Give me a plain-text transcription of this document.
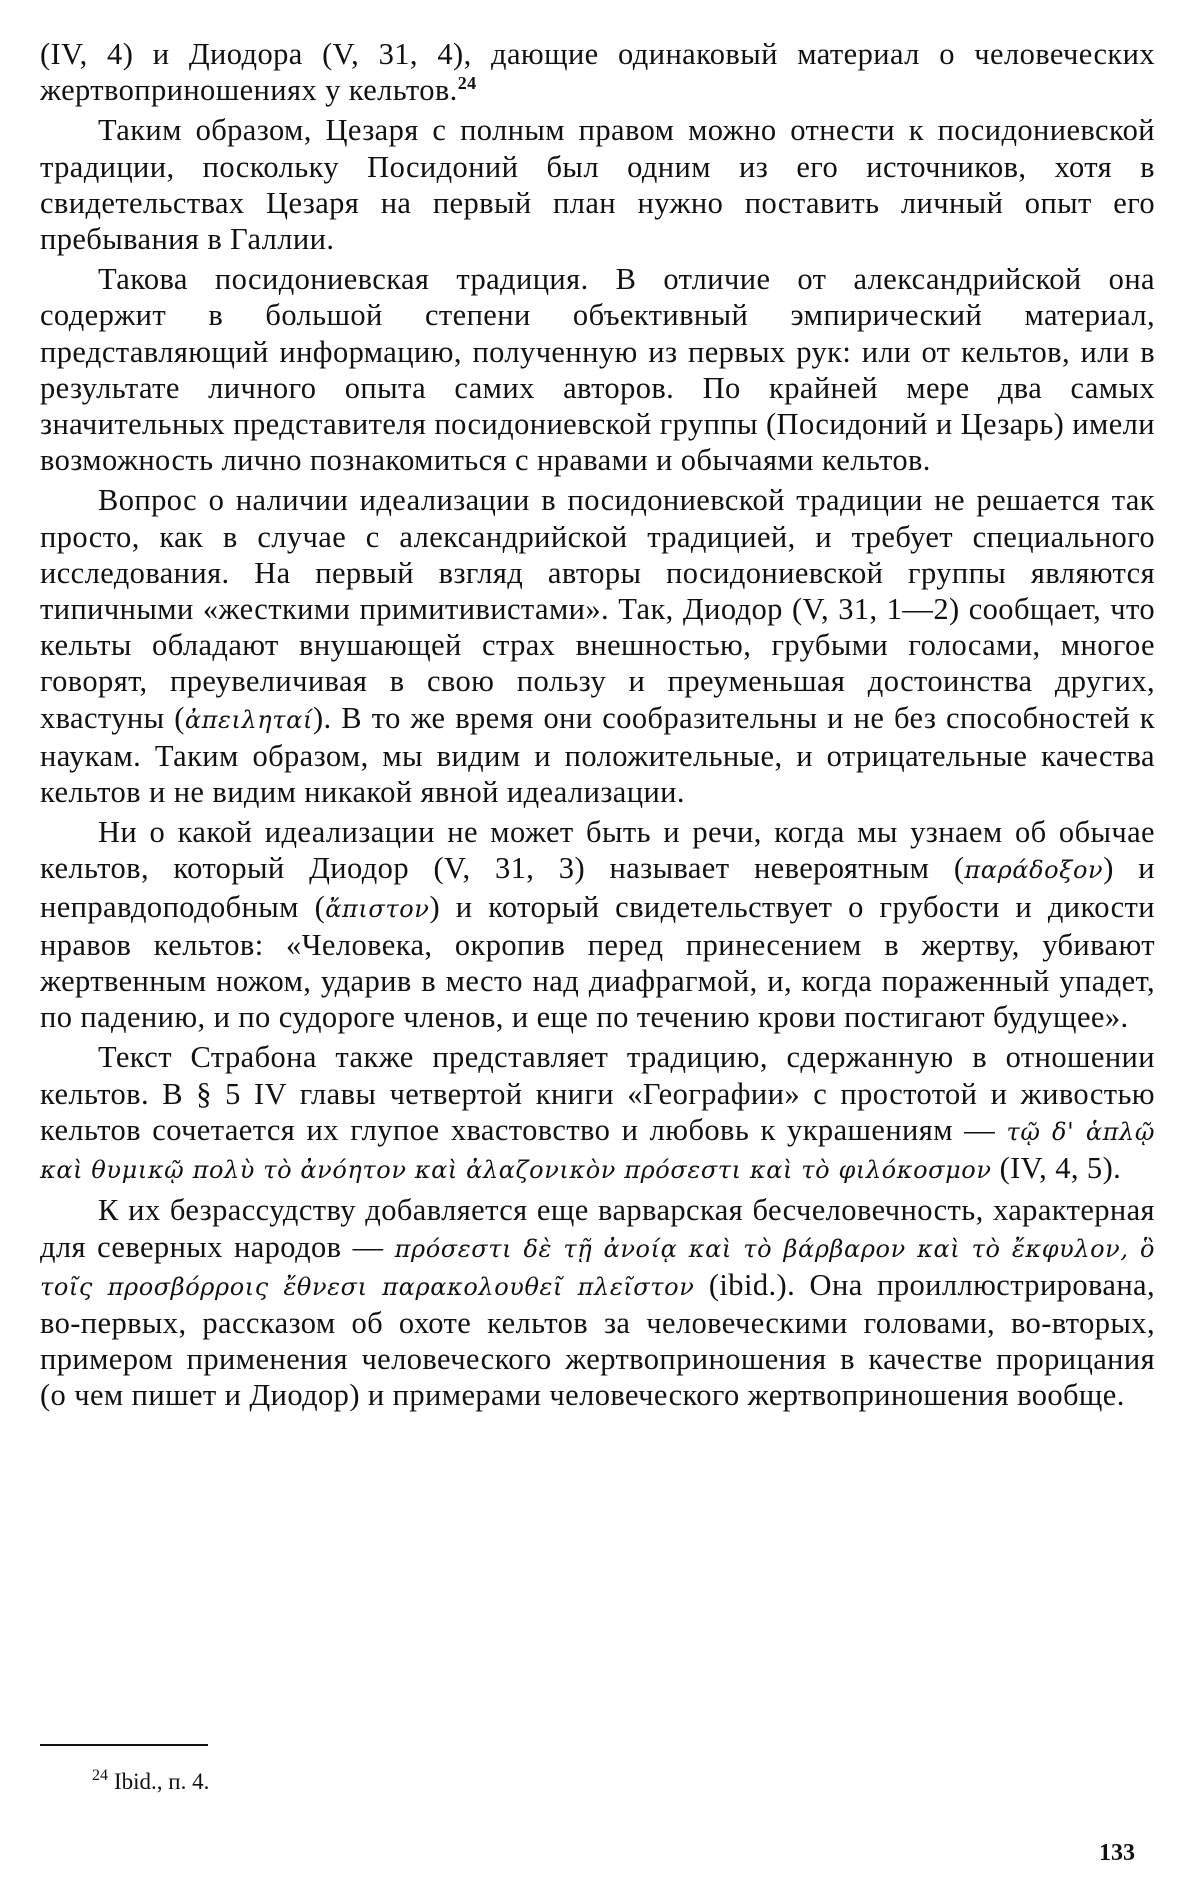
(IV, 4) и Диодора (V, 31, 4), дающие одинаковый материал о человеческих жертвоприношениях у кельтов.$^{24}$

Таким образом, Цезаря с полным правом можно отнести к посидониевской традиции, поскольку Посидоний был одним из его источников, хотя в свидетельствах Цезаря на первый план нужно поставить личный опыт его пребывания в Галлии.

Такова посидониевская традиция. В отличие от александрийской она содержит в большой степени объективный эмпирический материал, представляющий информацию, полученную из первых рук: или от кельтов, или в результате личного опыта самих авторов. По крайней мере два самых значительных представителя посидониевской группы (Посидоний и Цезарь) имели возможность лично познакомиться с нравами и обычаями кельтов.

Вопрос о наличии идеализации в посидониевской традиции не решается так просто, как в случае с александрийской традицией, и требует специального исследования. На первый взгляд авторы посидониевской группы являются типичными «жесткими примитивистами». Так, Диодор (V, 31, 1—2) сообщает, что кельты обладают внушающей страх внешностью, грубыми голосами, многое говорят, преувеличивая в свою пользу и преуменьшая достоинства других, хвастуны (ἀπειληταί). В то же время они сообразительны и не без способностей к наукам. Таким образом, мы видим и положительные, и отрицательные качества кельтов и не видим никакой явной идеализации.

Ни о какой идеализации не может быть и речи, когда мы узнаем об обычае кельтов, который Диодор (V, 31, 3) называет невероятным (παράδοξον) и неправдоподобным (ἄπιστον) и который свидетельствует о грубости и дикости нравов кельтов: «Человека, окропив перед принесением в жертву, убивают жертвенным ножом, ударив в место над диафрагмой, и, когда пораженный упадет, по падению, и по судороге членов, и еще по течению крови постигают будущее».

Текст Страбона также представляет традицию, сдержанную в отношении кельтов. В § 5 IV главы четвертой книги «Географии» с простотой и живостью кельтов сочетается их глупое хвастовство и любовь к украшениям — τῷ δ' ἁπλῷ καὶ θυμικῷ πολὺ τὸ ἀνόητον καὶ ἀλαζονικὸν πρόσεστι καὶ τὸ φιλόκοσμον (IV, 4, 5).

К их безрассудству добавляется еще варварская бесчеловечность, характерная для северных народов — πρόσεστι δὲ τῇ ἀνοίᾳ καὶ τὸ βάρβαρον καὶ τὸ ἔκφυλον, ὃ τοῖς προσβόρροις ἔθνεσι παρακολουθεῖ πλεῖστον (ibid.). Она проиллюстрирована, во-первых, рассказом об охоте кельтов за человеческими головами, во-вторых, примером применения человеческого жертвоприношения в качестве прорицания (о чем пишет и Диодор) и примерами человеческого жертвоприношения вообще.

$^{24}$ Ibid., п. 4.
133
